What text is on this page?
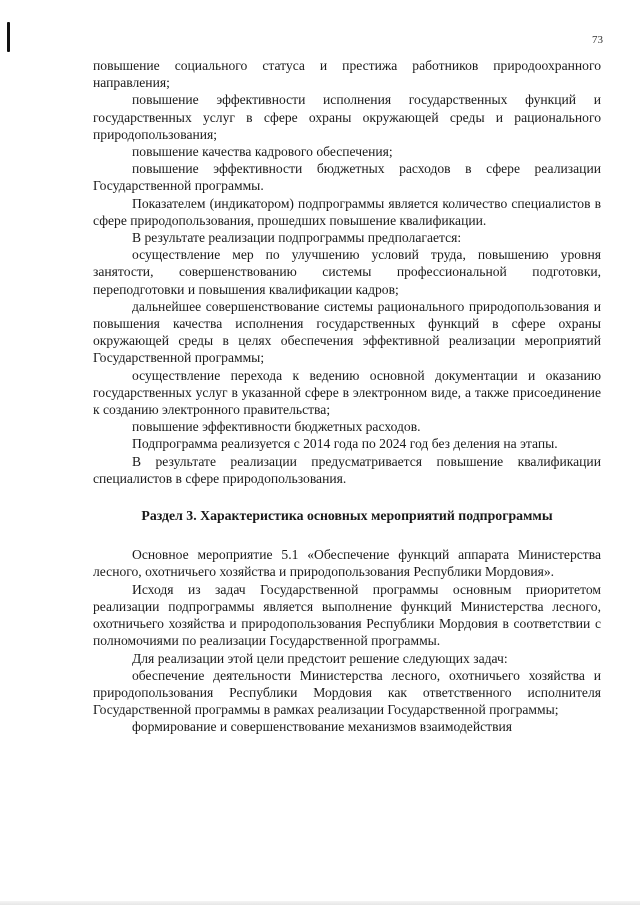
73

повышение социального статуса и престижа работников природоохранного направления;

повышение эффективности исполнения государственных функций и государственных услуг в сфере охраны окружающей среды и рационального природопользования;

повышение качества кадрового обеспечения;

повышение эффективности бюджетных расходов в сфере реализации Государственной программы.

Показателем (индикатором) подпрограммы является количество специалистов в сфере природопользования, прошедших повышение квалификации.

В результате реализации подпрограммы предполагается:

осуществление мер по улучшению условий труда, повышению уровня занятости, совершенствованию системы профессиональной подготовки, переподготовки и повышения квалификации кадров;

дальнейшее совершенствование системы рационального природопользования и повышения качества исполнения государственных функций в сфере охраны окружающей среды в целях обеспечения эффективной реализации мероприятий Государственной программы;

осуществление перехода к ведению основной документации и оказанию государственных услуг в указанной сфере в электронном виде, а также присоединение к созданию электронного правительства;

повышение эффективности бюджетных расходов.

Подпрограмма реализуется с 2014 года по 2024 год без деления на этапы.

В результате реализации предусматривается повышение квалификации специалистов в сфере природопользования.

Раздел 3. Характеристика основных мероприятий подпрограммы

Основное мероприятие 5.1 «Обеспечение функций аппарата Министерства лесного, охотничьего хозяйства и природопользования Республики Мордовия».

Исходя из задач Государственной программы основным приоритетом реализации подпрограммы является выполнение функций Министерства лесного, охотничьего хозяйства и природопользования Республики Мордовия в соответствии с полномочиями по реализации Государственной программы.

Для реализации этой цели предстоит решение следующих задач:

обеспечение деятельности Министерства лесного, охотничьего хозяйства и природопользования Республики Мордовия как ответственного исполнителя Государственной программы в рамках реализации Государственной программы;

формирование и совершенствование механизмов взаимодействия
